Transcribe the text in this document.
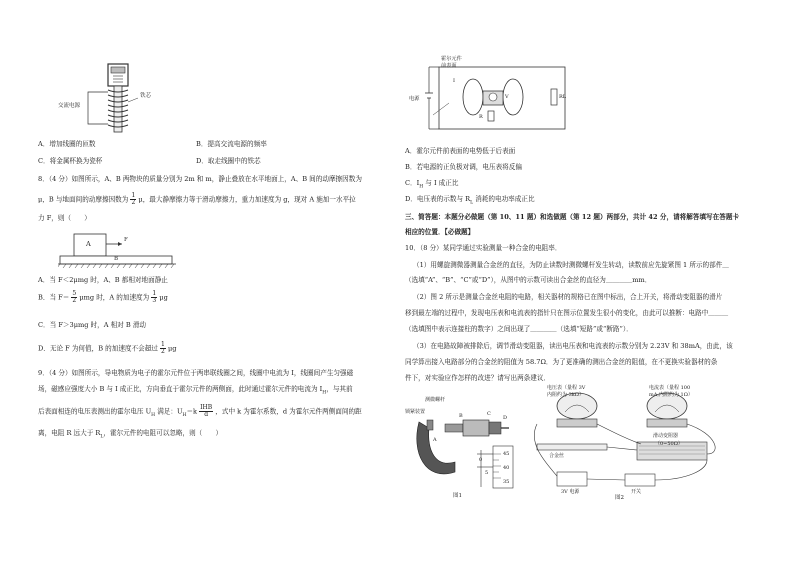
交流电源
铁芯
A．增加线圈的匝数	B．提高交流电源的频率
C．将金属杯换为瓷杯	D．取走线圈中的铁芯
8．（4 分）如图所示，A、B 两物块的质量分别为 2m 和 m，静止叠放在水平地面上，A、B 间的动摩擦因数为
μ，B 与地面间的动摩擦因数为 $\frac{1}{2}$ μ，最大静摩擦力等于滑动摩擦力，重力加速度为 g，现对 A 施加一水平拉
力 F，则（　　）
A
B
F
A．当 F＜2μmg 时，A、B 都相对地面静止
B．当 $F= \frac{5}{2}$ μmg 时，A 的加速度为 $\frac{1}{3}$ μg
C．当 F＞3μmg 时，A 相对 B 滑动
D．无论 F 为何值，B 的加速度不会超过 $\frac{1}{2}$ μg
9．（4 分）如图所示，导电物质为电子的霍尔元件位于两串联线圈之间，线圈中电流为 I，线圈间产生匀强磁
场，磁感应强度大小 B 与 I 成正比，方向垂直于霍尔元件的两侧面，此时通过霍尔元件的电流为 $I_H$，与其前
后表面相连的电压表测出的霍尔电压 $U_H$ 满足：$U_H=k \frac{\text{IHB}}{d}$ ，式中 k 为霍尔系数，d 为霍尔元件两侧面间的距
离，电阻 R 远大于 $R_L$，霍尔元件的电阻可以忽略，则（　　）
霍尔元件
前表面
电源	RL
R
V
I
A．霍尔元件前表面的电势低于后表面
B．若电源的正负极对调，电压表将反偏
C．$I_H$ 与 I 成正比
D．电压表的示数与 $R_L$ 消耗的电功率成正比
三、简答题：本题分必做题（第 10、11 题）和选做题（第 12 题）两部分，共计 42 分，请将解答填写在答题卡
相应的位置．【必做题】
10．（8 分）某同学通过实验测量一种合金的电阻率．
（1）用螺旋测微器测量合金丝的直径，为防止读数时测微螺杆发生转动，读数前应先旋紧图 1 所示的部件＿
（选填“A”、“B”、“C”或“D”），从图中的示数可读出合金丝的直径为＿＿＿＿mm．
（2）图 2 所示是测量合金丝电阻的电路，相关器材的规格已在图中标出，合上开关，将滑动变阻器的滑片
移到最左端的过程中，发现电压表和电流表的指针只在图示位置发生很小的变化，由此可以推断：电路中＿＿＿
（选填图中表示连接柱的数字）之间出现了＿＿＿＿（选填“短路”或“断路”）．
（3）在电路故障被排除后，调节滑动变阻器，读出电压表和电流表的示数分别为 2.23V 和 38mA，由此，该
同学算出接入电路部分的合金丝的阻值为 58.7Ω．为了更准确的测出合金丝的阻值，在不更换实验器材的条
件下，对实验应作怎样的改进？请写出两条建议．
测微螺杆
锁紧装置
A
B	C
D
0
5
45
40
35
图1
电压表（量程 3V
内阻约为 3kΩ）
电流表（量程 100
mA,内阻约为 1Ω）
合金丝
滑动变阻器
（0~50Ω）
3V 电源	开关
图2
